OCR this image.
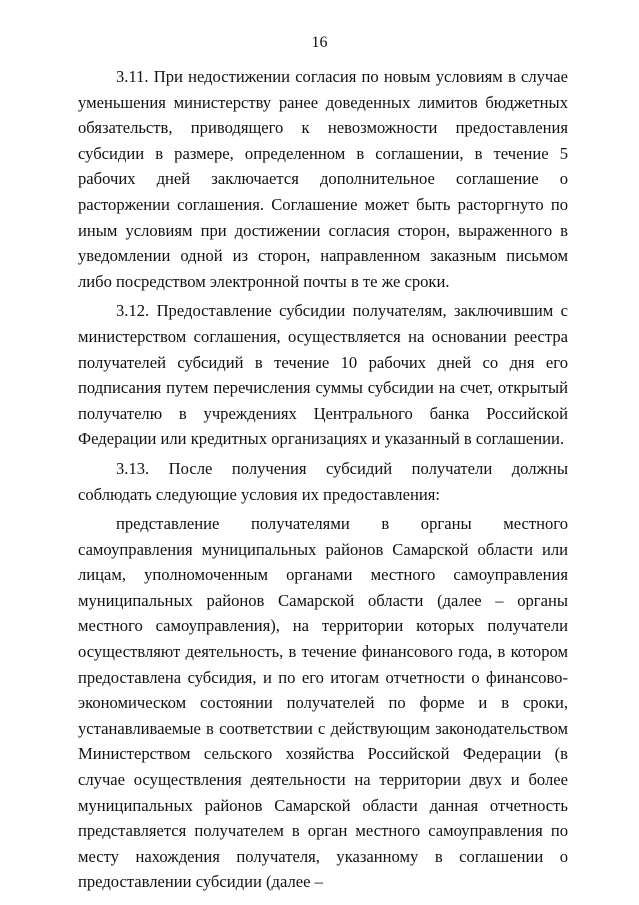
16

3.11. При недостижении согласия по новым условиям в случае уменьшения министерству ранее доведенных лимитов бюджетных обязательств, приводящего к невозможности предоставления субсидии в размере, определенном в соглашении, в течение 5 рабочих дней заключается дополнительное соглашение о расторжении соглашения. Соглашение может быть расторгнуто по иным условиям при достижении согласия сторон, выраженного в уведомлении одной из сторон, направленном заказным письмом либо посредством электронной почты в те же сроки.

3.12. Предоставление субсидии получателям, заключившим с министерством соглашения, осуществляется на основании реестра получателей субсидий в течение 10 рабочих дней со дня его подписания путем перечисления суммы субсидии на счет, открытый получателю в учреждениях Центрального банка Российской Федерации или кредитных организациях и указанный в соглашении.

3.13. После получения субсидий получатели должны соблюдать следующие условия их предоставления:

представление получателями в органы местного самоуправления муниципальных районов Самарской области или лицам, уполномоченным органами местного самоуправления муниципальных районов Самарской области (далее – органы местного самоуправления), на территории которых получатели осуществляют деятельность, в течение финансового года, в котором предоставлена субсидия, и по его итогам отчетности о финансово-экономическом состоянии получателей по форме и в сроки, устанавливаемые в соответствии с действующим законодательством Министерством сельского хозяйства Российской Федерации (в случае осуществления деятельности на территории двух и более муниципальных районов Самарской области данная отчетность представляется получателем в орган местного самоуправления по месту нахождения получателя, указанному в соглашении о предоставлении субсидии (далее –
